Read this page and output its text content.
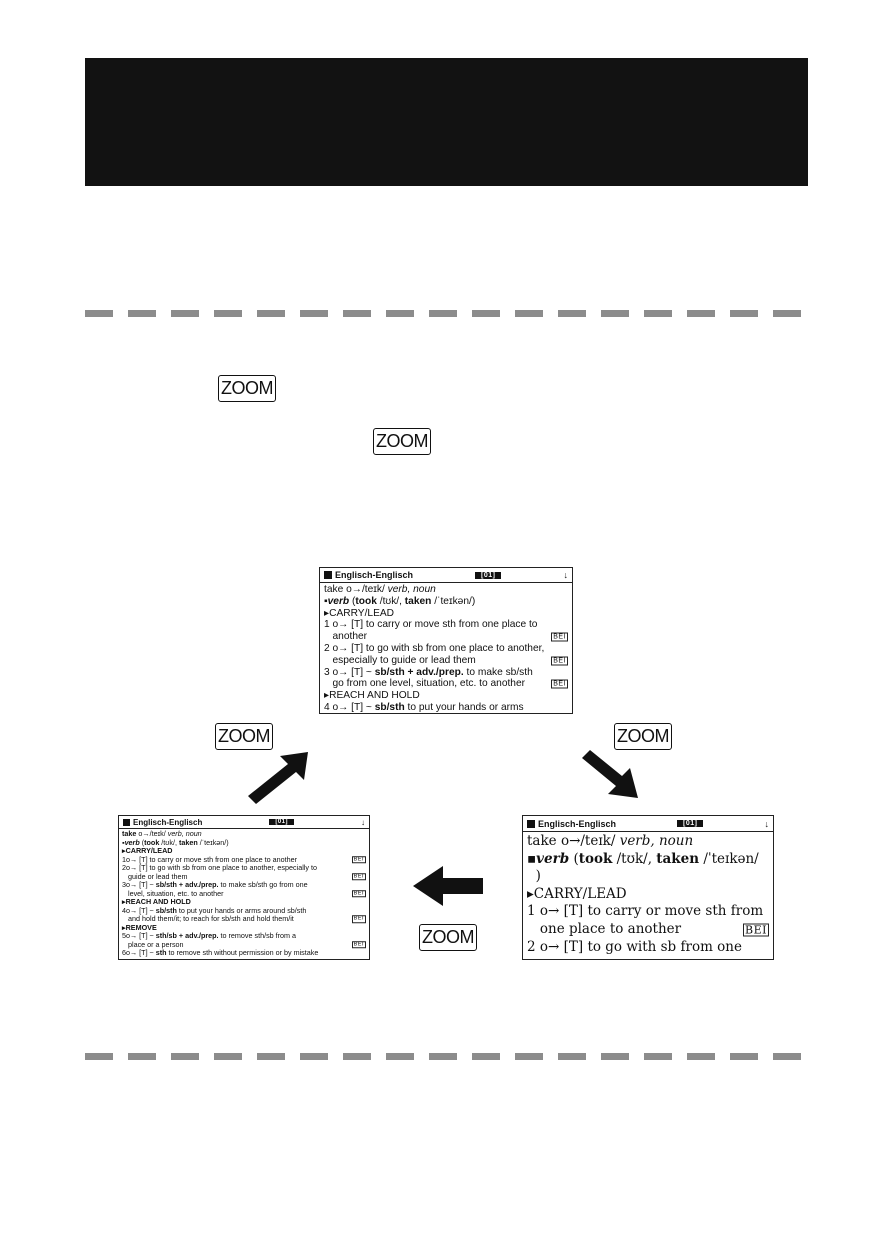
ZOOM
ZOOM
Englisch-Englisch	[01]	↓
take o→/teɪk/ verb, noun
▪verb (took /tʊk/, taken /ˈteɪkən/)
▸CARRY/LEAD
1 o→ [T] to carry or move sth from one place to
another	BEI
2 o→ [T] to go with sb from one place to another,
especially to guide or lead them	BEI
3 o→ [T] ~ sb/sth + adv./prep. to make sb/sth
go from one level, situation, etc. to another	BEI
▸REACH AND HOLD
4 o→ [T] ~ sb/sth to put your hands or arms
Englisch-Englisch	[01]	↓
take o→/teɪk/ verb, noun
▪verb (took /tʊk/, taken /ˈteɪkən/)
▸CARRY/LEAD
1o→ [T] to carry or move sth from one place to another	BEI
2o→ [T] to go with sb from one place to another, especially to
guide or lead them	BEI
3o→ [T] ~ sb/sth + adv./prep. to make sb/sth go from one
level, situation, etc. to another	BEI
▸REACH AND HOLD
4o→ [T] ~ sb/sth to put your hands or arms around sb/sth
and hold them/it; to reach for sb/sth and hold them/it	BEI
▸REMOVE
5o→ [T] ~ sth/sb + adv./prep. to remove sth/sb from a
place or a person	BEI
6o→ [T] ~ sth to remove sth without permission or by mistake
Englisch-Englisch	[01]	↓
take o→/teɪk/ verb, noun
▪verb (took /tʊk/, taken /ˈteɪkən/
)
▸CARRY/LEAD
1 o→ [T] to carry or move sth from
one place to another	BEI
2 o→ [T] to go with sb from one
ZOOM	ZOOM
ZOOM
